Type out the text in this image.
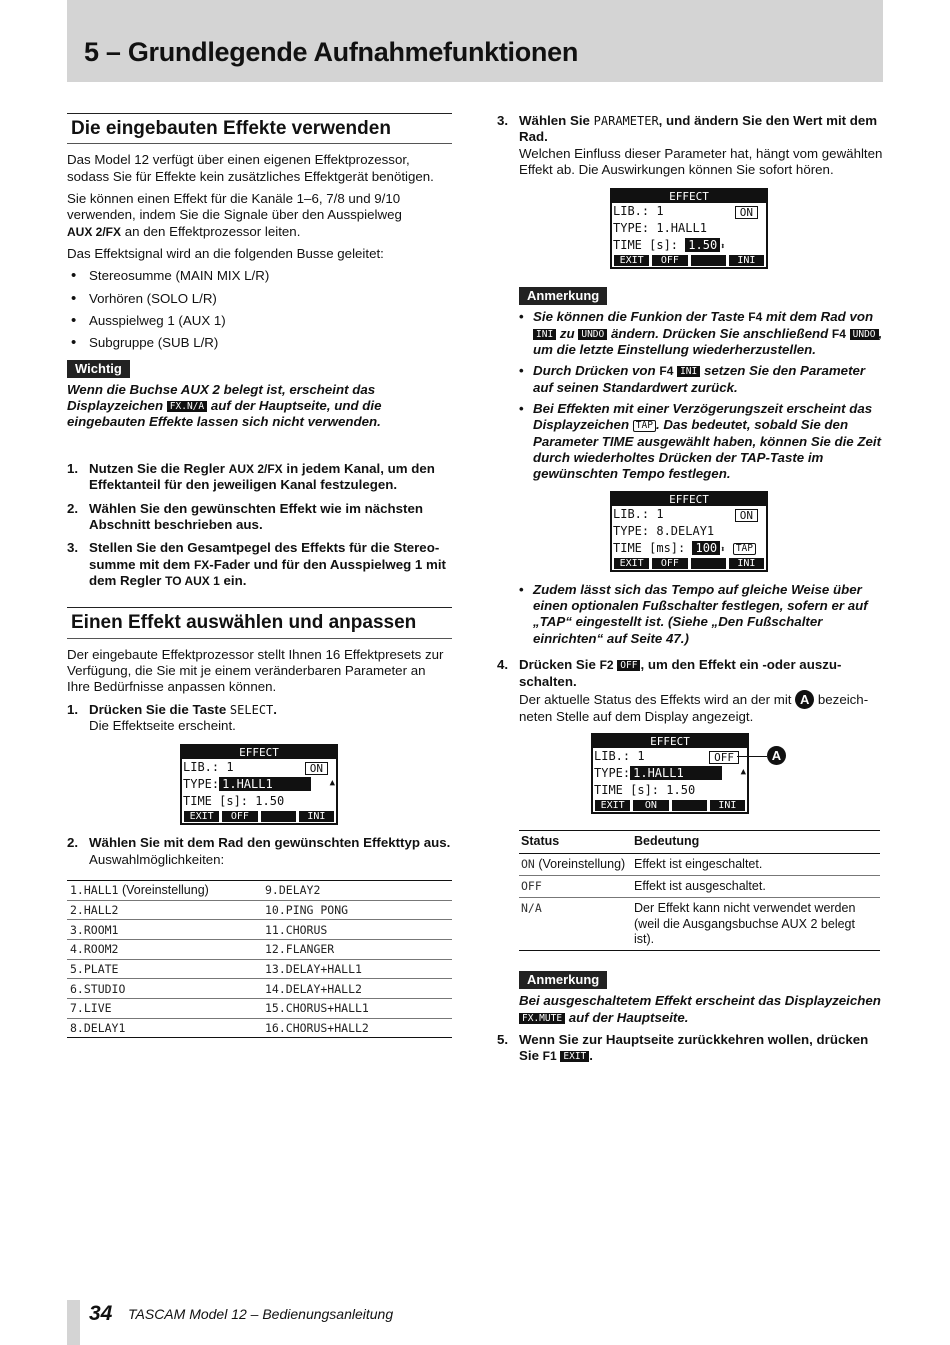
5 – Grundlegende Aufnahmefunktionen
Die eingebauten Effekte verwenden

Das Model 12 verfügt über einen eigenen Effektprozessor, sodass Sie für Effekte kein zusätzliches Effektgerät benötigen.

Sie können einen Effekt für die Kanäle 1–6, 7/8 und 9/10 verwenden, indem Sie die Signale über den Ausspielweg
AUX 2/FX an den Effektprozessor leiten.

Das Effektsignal wird an die folgenden Busse geleitet:

• Stereosumme (MAIN MIX L/R)
• Vorhören (SOLO L/R)
• Ausspielweg 1 (AUX 1)
• Subgruppe (SUB L/R)
Wichtig

Wenn die Buchse AUX 2 belegt ist, erscheint das Displayzeichen FX.N/A auf der Hauptseite, und die eingebauten Effekte lassen sich nicht verwenden.

1. Nutzen Sie die Regler AUX 2/FX in jedem Kanal, um den Effektanteil für den jeweiligen Kanal festzulegen.
2. Wählen Sie den gewünschten Effekt wie im nächsten Abschnitt beschrieben aus.
3. Stellen Sie den Gesamtpegel des Effekts für die Stereosumme mit dem FX-Fader und für den Ausspielweg 1 mit dem Regler TO AUX 1 ein.
Einen Effekt auswählen und anpassen

Der eingebaute Effektprozessor stellt Ihnen 16 Effektpresets zur Verfügung, die Sie mit je einem veränderbaren Parameter an Ihre Bedürfnisse anpassen können.

1. Drücken Sie die Taste SELECT.
Die Effektseite erscheint.
EFFECT
LIB.: 1	ON
TYPE: 1.HALL1	▲
TIME [s]: 1.50
EXIT	OFF	INI
2. Wählen Sie mit dem Rad den gewünschten Effekttyp aus.
Auswahlmöglichkeiten:
1.HALL1 (Voreinstellung)	9.DELAY2
2.HALL2	10.PING PONG
3.ROOM1	11.CHORUS
4.ROOM2	12.FLANGER
5.PLATE	13.DELAY+HALL1
6.STUDIO	14.DELAY+HALL2
7.LIVE	15.CHORUS+HALL1
8.DELAY1	16.CHORUS+HALL2
3. Wählen Sie PARAMETER, und ändern Sie den Wert mit dem Rad.
Welchen Einfluss dieser Parameter hat, hängt vom gewählten Effekt ab. Die Auswirkungen können Sie sofort hören.
EFFECT
LIB.: 1	ON
TYPE: 1.HALL1
TIME [s]: 1.50 ⬍
EXIT	OFF	INI
Anmerkung
• Sie können die Funkion der Taste F4 mit dem Rad von INI zu UNDO ändern. Drücken Sie anschließend F4 UNDO , um die letzte Einstellung wiederherzustellen.
• Durch Drücken von F4 INI setzen Sie den Parameter auf seinen Standardwert zurück.
• Bei Effekten mit einer Verzögerungszeit erscheint das Displayzeichen TAP . Das bedeutet, sobald Sie den Parameter TIME ausgewählt haben, können Sie die Zeit durch wiederholtes Drücken der TAP-Taste im gewünschten Tempo festlegen.
EFFECT
LIB.: 1	ON
TYPE: 8.DELAY1
TIME [ms]: 100 ⬍ TAP
EXIT	OFF	INI
• Zudem lässt sich das Tempo auf gleiche Weise über einen optionalen Fußschalter festlegen, sofern er auf „TAP“ eingestellt ist. (Siehe „Den Fußschalter einrichten“ auf Seite 47.)
4. Drücken Sie F2 OFF , um den Effekt ein -oder auszuschalten.
Der aktuelle Status des Effekts wird an der mit A bezeichneten Stelle auf dem Display angezeigt.
EFFECT
LIB.: 1	OFF
TYPE: 1.HALL1	▲
TIME [s]: 1.50
EXIT	ON	INI
A
Status	Bedeutung
ON (Voreinstellung)	Effekt ist eingeschaltet.
OFF	Effekt ist ausgeschaltet.
N/A	Der Effekt kann nicht verwendet werden (weil die Ausgangsbuchse AUX 2 belegt ist).
Anmerkung

Bei ausgeschaltetem Effekt erscheint das Displayzeichen FX.MUTE auf der Hauptseite.

5. Wenn Sie zur Hauptseite zurückkehren wollen, drücken Sie F1 EXIT .
34 TASCAM Model 12 – Bedienungsanleitung
